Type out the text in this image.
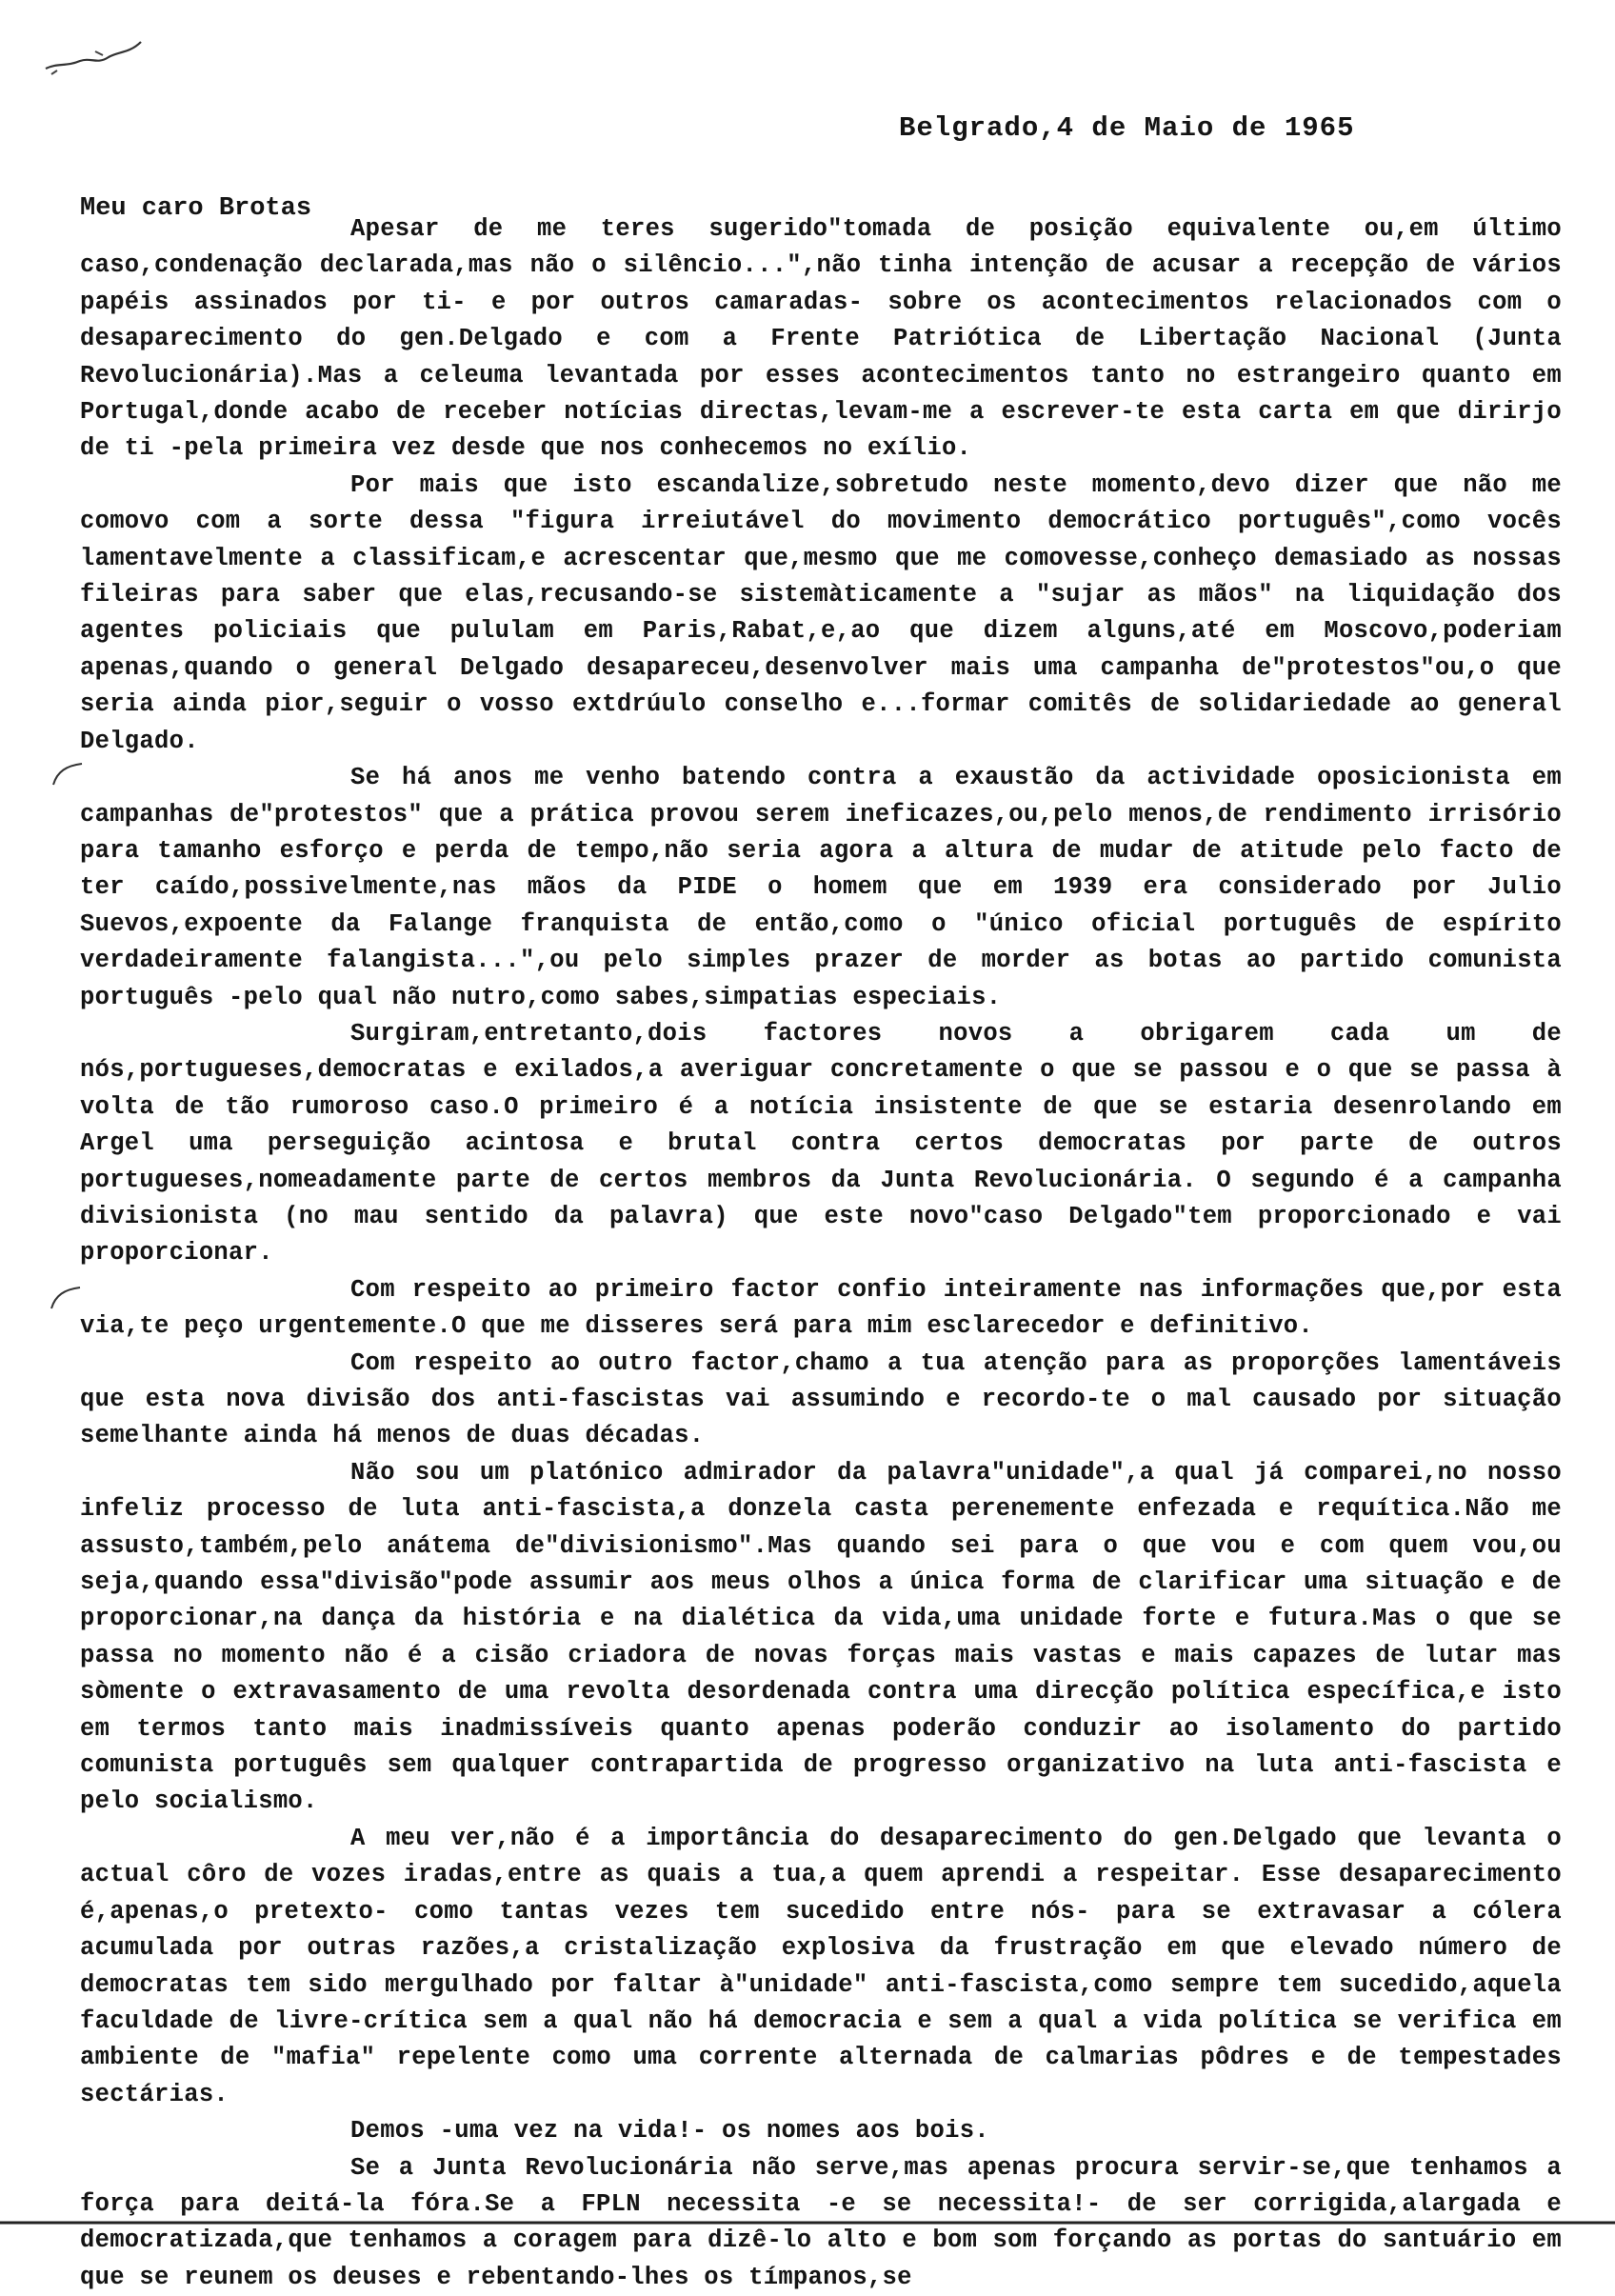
Belgrado,4 de Maio de 1965
Meu caro Brotas

Apesar de me teres sugerido"tomada de posição equivalente ou,em último caso,condenação declarada,mas não o silêncio...",não tinha intenção de acusar a recepção de vários papéis assinados por ti- e por outros camaradas- sobre os acontecimentos relacionados com o desaparecimento do gen.Delgado e com a Frente Patriótica de Libertação Nacional (Junta Revolucionária).Mas a celeuma levantada por esses acontecimentos tanto no estrangeiro quanto em Portugal,donde acabo de receber notícias directas,levam-me a escrever-te esta carta em que dirirjo de ti -pela primeira vez desde que nos conhecemos no exílio.

Por mais que isto escandalize,sobretudo neste momento,devo dizer que não me comovo com a sorte dessa "figura irreiutável do movimento democrático português",como vocês lamentavelmente a classificam,e acrescentar que,mesmo que me comovesse,conheço demasiado as nossas fileiras para saber que elas,recusando-se sistemàticamente a "sujar as mãos" na liquidação dos agentes policiais que pululam em Paris,Rabat,e,ao que dizem alguns,até em Moscovo,poderiam apenas,quando o general Delgado desapareceu,desenvolver mais uma campanha de"protestos"ou,o que seria ainda pior,seguir o vosso extdrúulo conselho e...formar comitês de solidariedade ao general Delgado.

Se há anos me venho batendo contra a exaustão da actividade oposicionista em campanhas de"protestos" que a prática provou serem ineficazes,ou,pelo menos,de rendimento irrisório para tamanho esforço e perda de tempo,não seria agora a altura de mudar de atitude pelo facto de ter caído,possivelmente,nas mãos da PIDE o homem que em 1939 era considerado por Julio Suevos,expoente da Falange franquista de então,como o "único oficial português de espírito verdadeiramente falangista...",ou pelo simples prazer de morder as botas ao partido comunista português -pelo qual não nutro,como sabes,simpatias especiais.

Surgiram,entretanto,dois factores novos a obrigarem cada um de nós,portugueses,democratas e exilados,a averiguar concretamente o que se passou e o que se passa à volta de tão rumoroso caso.O primeiro é a notícia insistente de que se estaria desenrolando em Argel uma perseguição acintosa e brutal contra certos democratas por parte de outros portugueses,nomeadamente parte de certos membros da Junta Revolucionária. O segundo é a campanha divisionista (no mau sentido da palavra) que este novo"caso Delgado"tem proporcionado e vai proporcionar.

Com respeito ao primeiro factor confio inteiramente nas informações que,por esta via,te peço urgentemente.O que me disseres será para mim esclarecedor e definitivo.

Com respeito ao outro factor,chamo a tua atenção para as proporções lamentáveis que esta nova divisão dos anti-fascistas vai assumindo e recordo-te o mal causado por situação semelhante ainda há menos de duas décadas.

Não sou um platónico admirador da palavra"unidade",a qual já comparei,no nosso infeliz processo de luta anti-fascista,a donzela casta perenemente enfezada e requítica.Não me assusto,também,pelo anátema de"divisionismo".Mas quando sei para o que vou e com quem vou,ou seja,quando essa"divisão"pode assumir aos meus olhos a única forma de clarificar uma situação e de proporcionar,na dança da história e na dialética da vida,uma unidade forte e futura.Mas o que se passa no momento não é a cisão criadora de novas forças mais vastas e mais capazes de lutar mas sòmente o extravasamento de uma revolta desordenada contra uma direcção política específica,e isto em termos tanto mais inadmissíveis quanto apenas poderão conduzir ao isolamento do partido comunista português sem qualquer contrapartida de progresso organizativo na luta anti-fascista e pelo socialismo.

A meu ver,não é a importância do desaparecimento do gen.Delgado que levanta o actual côro de vozes iradas,entre as quais a tua,a quem aprendi a respeitar. Esse desaparecimento é,apenas,o pretexto- como tantas vezes tem sucedido entre nós- para se extravasar a cólera acumulada por outras razões,a cristalização explosiva da frustração em que elevado número de democratas tem sido mergulhado por faltar à"unidade" anti-fascista,como sempre tem sucedido,aquela faculdade de livre-crítica sem a qual não há democracia e sem a qual a vida política se verifica em ambiente de "mafia" repelente como uma corrente alternada de calmarias pôdres e de tempestades sectárias.

Demos -uma vez na vida!- os nomes aos bois.

Se a Junta Revolucionária não serve,mas apenas procura servir-se,que tenhamos a força para deitá-la fóra.Se a FPLN necessita -e se necessita!- de ser corrigida,alargada e democratizada,que tenhamos a coragem para dizê-lo alto e bom som forçando as portas do santuário em que se reunem os deuses e rebentando-lhes os tímpanos,se
